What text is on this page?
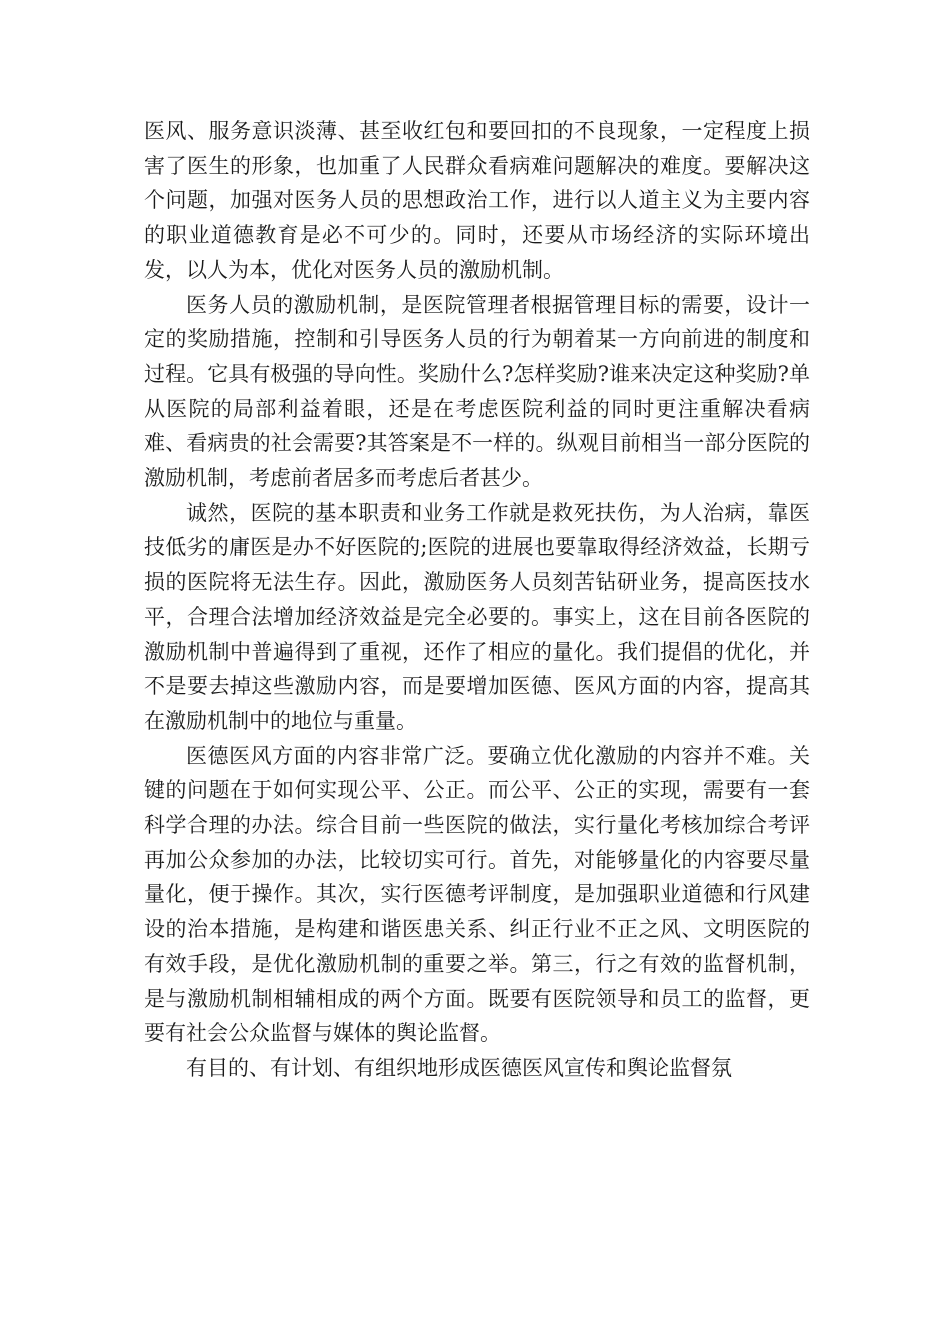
医风、服务意识淡薄、甚至收红包和要回扣的不良现象，一定程度上损害了医生的形象，也加重了人民群众看病难问题解决的难度。要解决这个问题，加强对医务人员的思想政治工作，进行以人道主义为主要内容的职业道德教育是必不可少的。同时，还要从市场经济的实际环境出发，以人为本，优化对医务人员的激励机制。

医务人员的激励机制，是医院管理者根据管理目标的需要，设计一定的奖励措施，控制和引导医务人员的行为朝着某一方向前进的制度和过程。它具有极强的导向性。奖励什么?怎样奖励?谁来决定这种奖励?单从医院的局部利益着眼，还是在考虑医院利益的同时更注重解决看病难、看病贵的社会需要?其答案是不一样的。纵观目前相当一部分医院的激励机制，考虑前者居多而考虑后者甚少。

诚然，医院的基本职责和业务工作就是救死扶伤，为人治病，靠医技低劣的庸医是办不好医院的;医院的进展也要靠取得经济效益，长期亏损的医院将无法生存。因此，激励医务人员刻苦钻研业务，提高医技水平，合理合法增加经济效益是完全必要的。事实上，这在目前各医院的激励机制中普遍得到了重视，还作了相应的量化。我们提倡的优化，并不是要去掉这些激励内容，而是要增加医德、医风方面的内容，提高其在激励机制中的地位与重量。

医德医风方面的内容非常广泛。要确立优化激励的内容并不难。关键的问题在于如何实现公平、公正。而公平、公正的实现，需要有一套科学合理的办法。综合目前一些医院的做法，实行量化考核加综合考评再加公众参加的办法，比较切实可行。首先，对能够量化的内容要尽量量化，便于操作。其次，实行医德考评制度，是加强职业道德和行风建设的治本措施，是构建和谐医患关系、纠正行业不正之风、文明医院的有效手段，是优化激励机制的重要之举。第三，行之有效的监督机制，是与激励机制相辅相成的两个方面。既要有医院领导和员工的监督，更要有社会公众监督与媒体的舆论监督。

有目的、有计划、有组织地形成医德医风宣传和舆论监督氛
